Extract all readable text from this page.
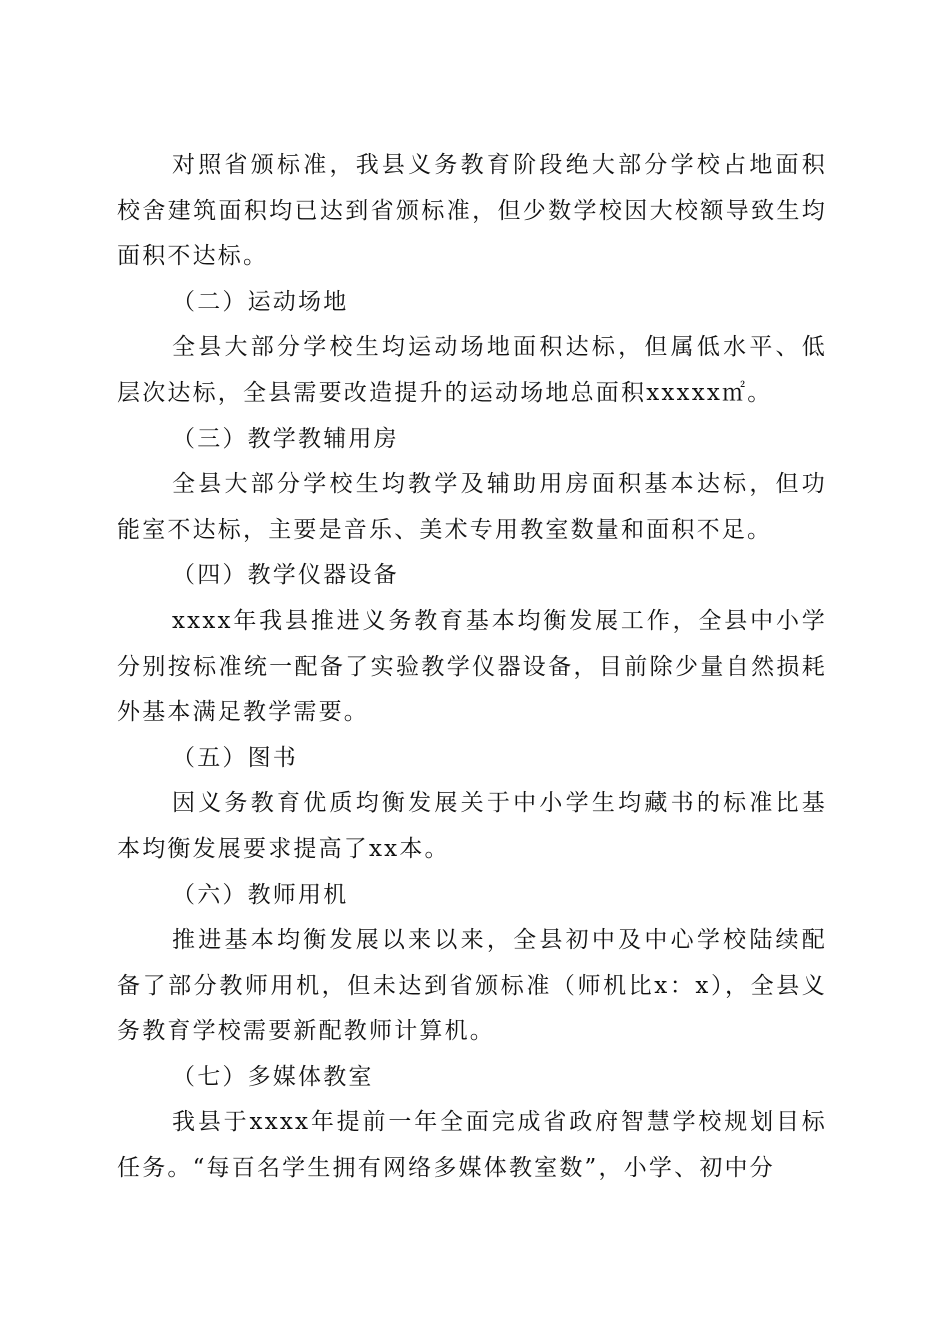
对照省颁标准，我县义务教育阶段绝大部分学校占地面积校舍建筑面积均已达到省颁标准，但少数学校因大校额导致生均面积不达标。

（二）运动场地

全县大部分学校生均运动场地面积达标，但属低水平、低层次达标，全县需要改造提升的运动场地总面积xxxxx㎡。

（三）教学教辅用房

全县大部分学校生均教学及辅助用房面积基本达标，但功能室不达标，主要是音乐、美术专用教室数量和面积不足。

（四）教学仪器设备

xxxx年我县推进义务教育基本均衡发展工作，全县中小学分别按标准统一配备了实验教学仪器设备，目前除少量自然损耗外基本满足教学需要。

（五）图书

因义务教育优质均衡发展关于中小学生均藏书的标准比基本均衡发展要求提高了xx本。

（六）教师用机

推进基本均衡发展以来以来，全县初中及中心学校陆续配备了部分教师用机，但未达到省颁标准（师机比x：x），全县义务教育学校需要新配教师计算机。

（七）多媒体教室

我县于xxxx年提前一年全面完成省政府智慧学校规划目标任务。“每百名学生拥有网络多媒体教室数”，小学、初中分
